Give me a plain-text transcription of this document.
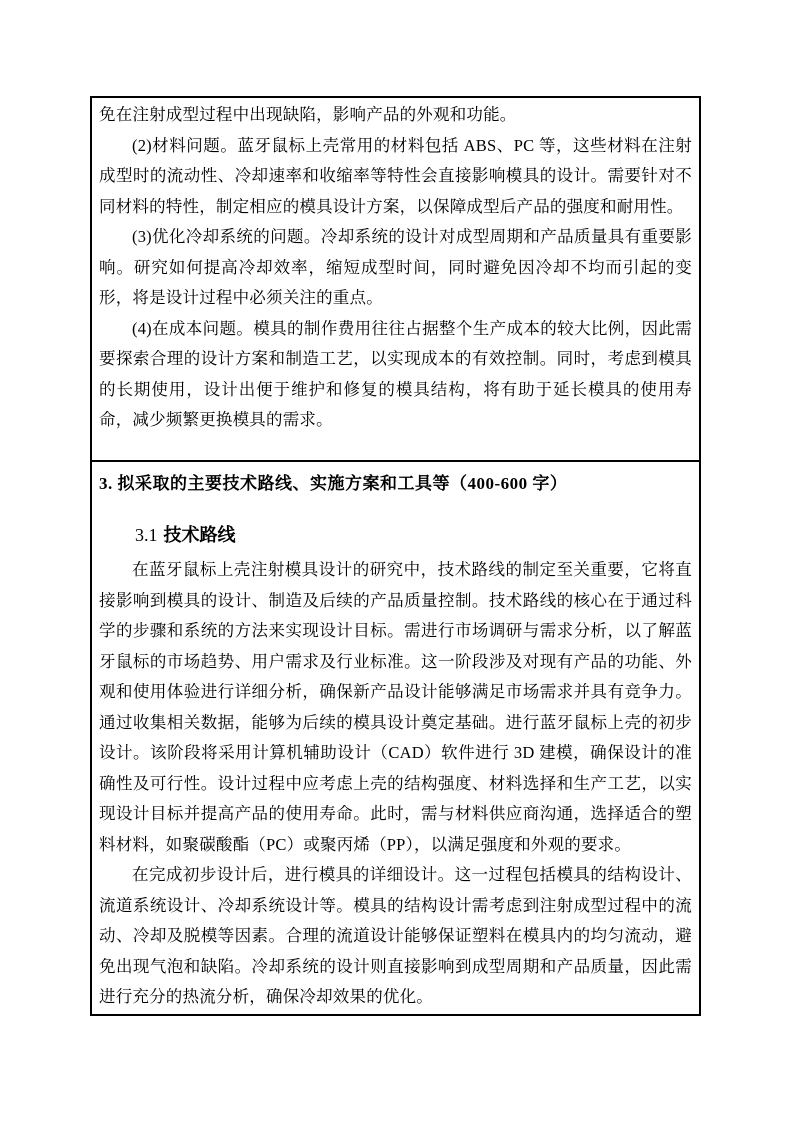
免在注射成型过程中出现缺陷，影响产品的外观和功能。

(2)材料问题。蓝牙鼠标上壳常用的材料包括 ABS、PC 等，这些材料在注射成型时的流动性、冷却速率和收缩率等特性会直接影响模具的设计。需要针对不同材料的特性，制定相应的模具设计方案，以保障成型后产品的强度和耐用性。

(3)优化冷却系统的问题。冷却系统的设计对成型周期和产品质量具有重要影响。研究如何提高冷却效率，缩短成型时间，同时避免因冷却不均而引起的变形，将是设计过程中必须关注的重点。

(4)在成本问题。模具的制作费用往往占据整个生产成本的较大比例，因此需要探索合理的设计方案和制造工艺，以实现成本的有效控制。同时，考虑到模具的长期使用，设计出便于维护和修复的模具结构，将有助于延长模具的使用寿命，减少频繁更换模具的需求。

3. 拟采取的主要技术路线、实施方案和工具等（400-600 字）
3.1 技术路线

在蓝牙鼠标上壳注射模具设计的研究中，技术路线的制定至关重要，它将直接影响到模具的设计、制造及后续的产品质量控制。技术路线的核心在于通过科学的步骤和系统的方法来实现设计目标。需进行市场调研与需求分析，以了解蓝牙鼠标的市场趋势、用户需求及行业标准。这一阶段涉及对现有产品的功能、外观和使用体验进行详细分析，确保新产品设计能够满足市场需求并具有竞争力。通过收集相关数据，能够为后续的模具设计奠定基础。进行蓝牙鼠标上壳的初步设计。该阶段将采用计算机辅助设计（CAD）软件进行 3D 建模，确保设计的准确性及可行性。设计过程中应考虑上壳的结构强度、材料选择和生产工艺，以实现设计目标并提高产品的使用寿命。此时，需与材料供应商沟通，选择适合的塑料材料，如聚碳酸酯（PC）或聚丙烯（PP），以满足强度和外观的要求。

在完成初步设计后，进行模具的详细设计。这一过程包括模具的结构设计、流道系统设计、冷却系统设计等。模具的结构设计需考虑到注射成型过程中的流动、冷却及脱模等因素。合理的流道设计能够保证塑料在模具内的均匀流动，避免出现气泡和缺陷。冷却系统的设计则直接影响到成型周期和产品质量，因此需进行充分的热流分析，确保冷却效果的优化。
